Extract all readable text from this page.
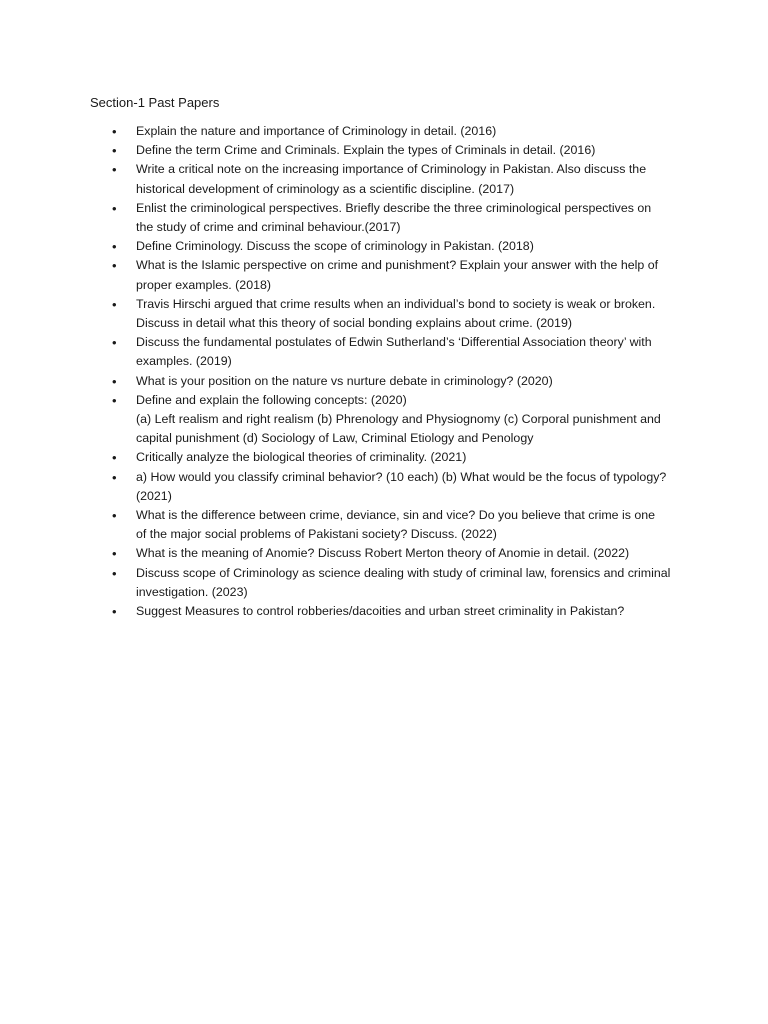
Section-1 Past Papers
• Explain the nature and importance of Criminology in detail. (2016)
• Define the term Crime and Criminals. Explain the types of Criminals in detail. (2016)
• Write a critical note on the increasing importance of Criminology in Pakistan. Also discuss the
historical development of criminology as a scientific discipline. (2017)
• Enlist the criminological perspectives. Briefly describe the three criminological perspectives on
the study of crime and criminal behaviour.(2017)
• Define Criminology. Discuss the scope of criminology in Pakistan. (2018)
• What is the Islamic perspective on crime and punishment? Explain your answer with the help of
proper examples. (2018)
• Travis Hirschi argued that crime results when an individual’s bond to society is weak or broken.
Discuss in detail what this theory of social bonding explains about crime. (2019)
• Discuss the fundamental postulates of Edwin Sutherland’s ‘Differential Association theory’ with
examples. (2019)
• What is your position on the nature vs nurture debate in criminology? (2020)
• Define and explain the following concepts: (2020)
(a) Left realism and right realism (b) Phrenology and Physiognomy (c) Corporal punishment and
capital punishment (d) Sociology of Law, Criminal Etiology and Penology
• Critically analyze the biological theories of criminality. (2021)
• a) How would you classify criminal behavior? (10 each) (b) What would be the focus of typology?
(2021)
• What is the difference between crime, deviance, sin and vice? Do you believe that crime is one
of the major social problems of Pakistani society? Discuss. (2022)
• What is the meaning of Anomie? Discuss Robert Merton theory of Anomie in detail. (2022)
• Discuss scope of Criminology as science dealing with study of criminal law, forensics and criminal
investigation. (2023)
• Suggest Measures to control robberies/dacoities and urban street criminality in Pakistan?
